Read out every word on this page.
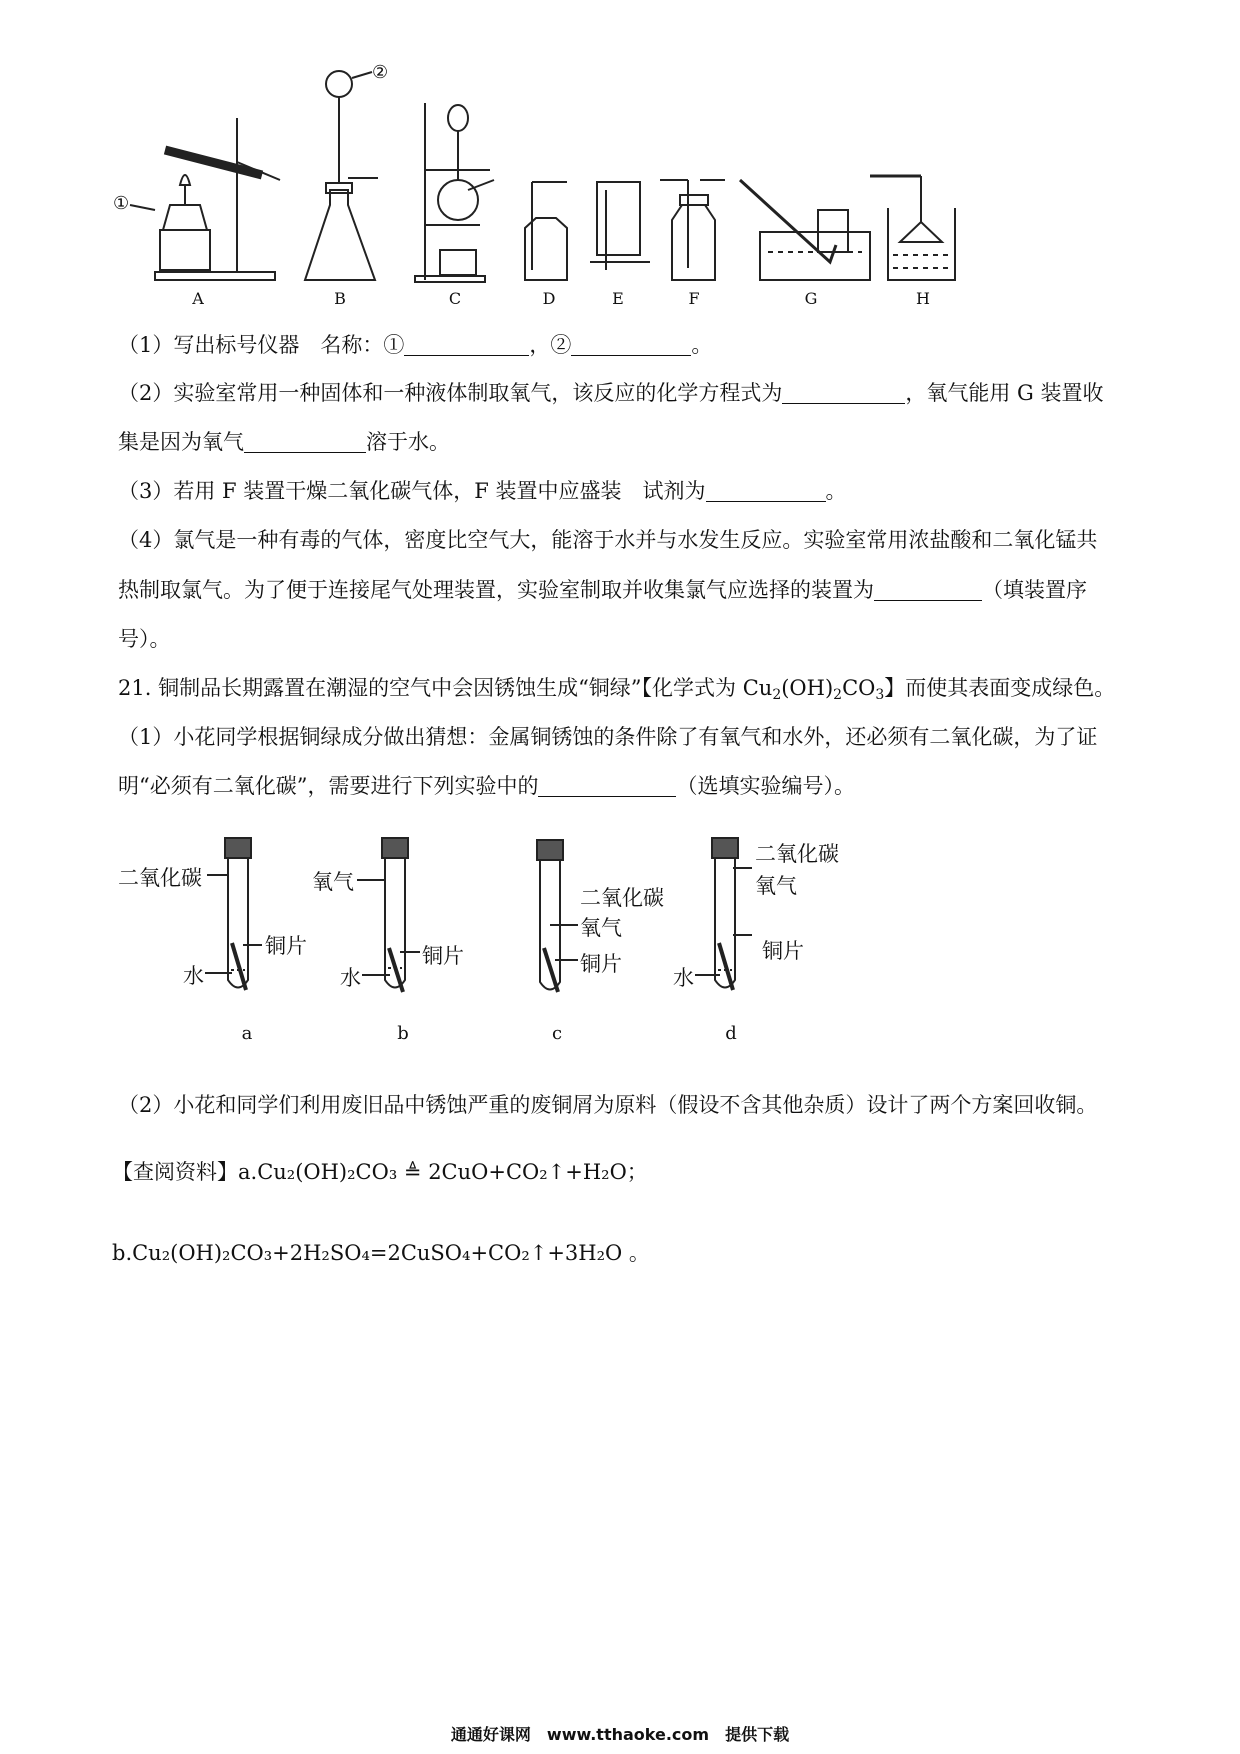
①
②
A	B	C	D	E	F	G	H
（1）写出标号仪器　名称：①	，②	。
（2）实验室常用一种固体和一种液体制取氧气，该反应的化学方程式为	，氧气能用 G 装置收
集是因为氧气	溶于水。
（3）若用 F 装置干燥二氧化碳气体，F 装置中应盛装　试剂为	。
（4）氯气是一种有毒的气体，密度比空气大，能溶于水并与水发生反应。实验室常用浓盐酸和二氧化锰共
热制取氯气。为了便于连接尾气处理装置，实验室制取并收集氯气应选择的装置为	（填装置序
号）。
21. 铜制品长期露置在潮湿的空气中会因锈蚀生成“铜绿”【化学式为 $Cu_2(OH)_2CO_3$】而使其表面变成绿色。
（1）小花同学根据铜绿成分做出猜想：金属铜锈蚀的条件除了有氧气和水外，还必须有二氧化碳，为了证
明“必须有二氧化碳”，需要进行下列实验中的	（选填实验编号）。
二氧化碳
铜片
水
氧气
铜片
水
二氧化碳
氧气
铜片
二氧化碳
氧气
铜片
水
a	b	c	d
（2）小花和同学们利用废旧品中锈蚀严重的废铜屑为原料（假设不含其他杂质）设计了两个方案回收铜。
【查阅资料】a.Cu₂(OH)₂CO₃ ≜ 2CuO+CO₂↑+H₂O；
b.Cu₂(OH)₂CO₃+2H₂SO₄=2CuSO₄+CO₂↑+3H₂O 。
通通好课网　www.tthaoke.com　提供下载
